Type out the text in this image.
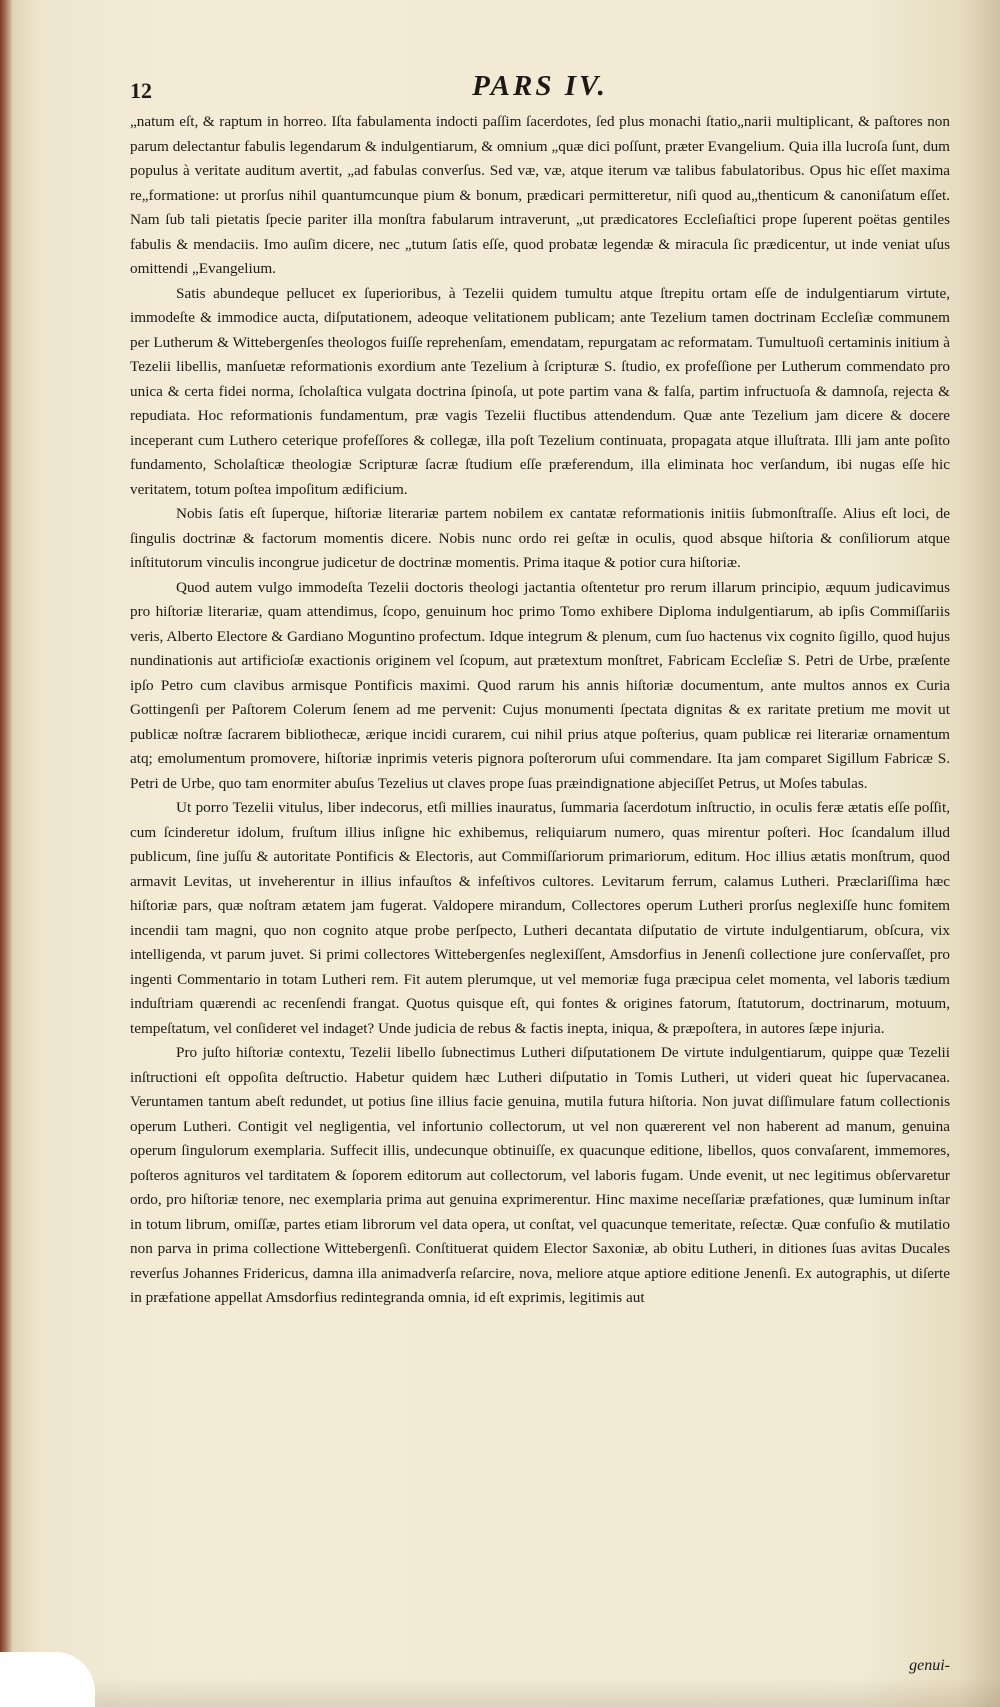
12	PARS IV.

„natum eſt, & raptum in horreo. Iſta fabulamenta indocti paſſim ſacerdotes, ſed plus monachi ſtatio„narii multiplicant, & paſtores non parum delectantur fabulis legendarum & indulgentiarum, & omnium „quæ dici poſſunt, præter Evangelium. Quia illa lucroſa ſunt, dum populus à veritate auditum avertit, „ad fabulas converſus. Sed væ, væ, atque iterum væ talibus fabulatoribus. Opus hic eſſet maxima re„formatione: ut prorſus nihil quantumcunque pium & bonum, prædicari permitteretur, niſi quod au„thenticum & canoniſatum eſſet. Nam ſub tali pietatis ſpecie pariter illa monſtra fabularum intraverunt, „ut prædicatores Eccleſiaſtici prope ſuperent poëtas gentiles fabulis & mendaciis. Imo auſim dicere, nec „tutum ſatis eſſe, quod probatæ legendæ & miracula ſic prædicentur, ut inde veniat uſus omittendi „Evangelium.

Satis abundeque pellucet ex ſuperioribus, à Tezelii quidem tumultu atque ſtrepitu ortam eſſe de indulgentiarum virtute, immodeſte & immodice aucta, diſputationem, adeoque velitationem publicam; ante Tezelium tamen doctrinam Eccleſiæ communem per Lutherum & Wittebergenſes theologos fuiſſe reprehenſam, emendatam, repurgatam ac reformatam. Tumultuoſi certaminis initium à Tezelii libellis, manſuetæ reformationis exordium ante Tezelium à ſcripturæ S. ſtudio, ex profeſſione per Lutherum commendato pro unica & certa fidei norma, ſcholaſtica vulgata doctrina ſpinoſa, ut pote partim vana & falſa, partim infructuoſa & damnoſa, rejecta & repudiata. Hoc reformationis fundamentum, præ vagis Tezelii fluctibus attendendum. Quæ ante Tezelium jam dicere & docere inceperant cum Luthero ceterique profeſſores & collegæ, illa poſt Tezelium continuata, propagata atque illuſtrata. Illi jam ante poſito fundamento, Scholaſticæ theologiæ Scripturæ ſacræ ſtudium eſſe præferendum, illa eliminata hoc verſandum, ibi nugas eſſe hic veritatem, totum poſtea impoſitum ædificium.

Nobis ſatis eſt ſuperque, hiſtoriæ literariæ partem nobilem ex cantatæ reformationis initiis ſubmonſtraſſe. Alius eſt loci, de ſingulis doctrinæ & factorum momentis dicere. Nobis nunc ordo rei geſtæ in oculis, quod absque hiſtoria & conſiliorum atque inſtitutorum vinculis incongrue judicetur de doctrinæ momentis. Prima itaque & potior cura hiſtoriæ.

Quod autem vulgo immodeſta Tezelii doctoris theologi jactantia oſtentetur pro rerum illarum principio, æquum judicavimus pro hiſtoriæ literariæ, quam attendimus, ſcopo, genuinum hoc primo Tomo exhibere Diploma indulgentiarum, ab ipſis Commiſſariis veris, Alberto Electore & Gardiano Moguntino profectum. Idque integrum & plenum, cum ſuo hactenus vix cognito ſigillo, quod hujus nundinationis aut artificioſæ exactionis originem vel ſcopum, aut prætextum monſtret, Fabricam Eccleſiæ S. Petri de Urbe, præſente ipſo Petro cum clavibus armisque Pontificis maximi. Quod rarum his annis hiſtoriæ documentum, ante multos annos ex Curia Gottingenſi per Paſtorem Colerum ſenem ad me pervenit: Cujus monumenti ſpectata dignitas & ex raritate pretium me movit ut publicæ noſtræ ſacrarem bibliothecæ, ærique incidi curarem, cui nihil prius atque poſterius, quam publicæ rei literariæ ornamentum atq; emolumentum promovere, hiſtoriæ inprimis veteris pignora poſterorum uſui commendare. Ita jam comparet Sigillum Fabricæ S. Petri de Urbe, quo tam enormiter abuſus Tezelius ut claves prope ſuas præindignatione abjeciſſet Petrus, ut Moſes tabulas.

Ut porro Tezelii vitulus, liber indecorus, etſi millies inauratus, ſummaria ſacerdotum inſtructio, in oculis feræ ætatis eſſe poſſit, cum ſcinderetur idolum, fruſtum illius inſigne hic exhibemus, reliquiarum numero, quas mirentur poſteri. Hoc ſcandalum illud publicum, ſine juſſu & autoritate Pontificis & Electoris, aut Commiſſariorum primariorum, editum. Hoc illius ætatis monſtrum, quod armavit Levitas, ut inveherentur in illius infauſtos & infeſtivos cultores. Levitarum ferrum, calamus Lutheri. Præclariſſima hæc hiſtoriæ pars, quæ noſtram ætatem jam fugerat. Valdopere mirandum, Collectores operum Lutheri prorſus neglexiſſe hunc fomitem incendii tam magni, quo non cognito atque probe perſpecto, Lutheri decantata diſputatio de virtute indulgentiarum, obſcura, vix intelligenda, vt parum juvet. Si primi collectores Wittebergenſes neglexiſſent, Amsdorfius in Jenenſi collectione jure conſervaſſet, pro ingenti Commentario in totam Lutheri rem. Fit autem plerumque, ut vel memoriæ fuga præcipua celet momenta, vel laboris tædium induſtriam quærendi ac recenſendi frangat. Quotus quisque eſt, qui fontes & origines fatorum, ſtatutorum, doctrinarum, motuum, tempeſtatum, vel conſideret vel indaget? Unde judicia de rebus & factis inepta, iniqua, & præpoſtera, in autores ſæpe injuria.

Pro juſto hiſtoriæ contextu, Tezelii libello ſubnectimus Lutheri diſputationem De virtute indulgentiarum, quippe quæ Tezelii inſtructioni eſt oppoſita deſtructio. Habetur quidem hæc Lutheri diſputatio in Tomis Lutheri, ut videri queat hic ſupervacanea. Veruntamen tantum abeſt redundet, ut potius ſine illius facie genuina, mutila futura hiſtoria. Non juvat diſſimulare fatum collectionis operum Lutheri. Contigit vel negligentia, vel infortunio collectorum, ut vel non quærerent vel non haberent ad manum, genuina operum ſingulorum exemplaria. Suffecit illis, undecunque obtinuiſſe, ex quacunque editione, libellos, quos convaſarent, immemores, poſteros agnituros vel tarditatem & ſoporem editorum aut collectorum, vel laboris fugam. Unde evenit, ut nec legitimus obſervaretur ordo, pro hiſtoriæ tenore, nec exemplaria prima aut genuina exprimerentur. Hinc maxime neceſſariæ præfationes, quæ luminum inſtar in totum librum, omiſſæ, partes etiam librorum vel data opera, ut conſtat, vel quacunque temeritate, reſectæ. Quæ confuſio & mutilatio non parva in prima collectione Wittebergenſi. Conſtituerat quidem Elector Saxoniæ, ab obitu Lutheri, in ditiones ſuas avitas Ducales reverſus Johannes Fridericus, damna illa animadverſa reſarcire, nova, meliore atque aptiore editione Jenenſi. Ex autographis, ut diſerte in præfatione appellat Amsdorfius redintegranda omnia, id eſt exprimis, legitimis aut

genui-
